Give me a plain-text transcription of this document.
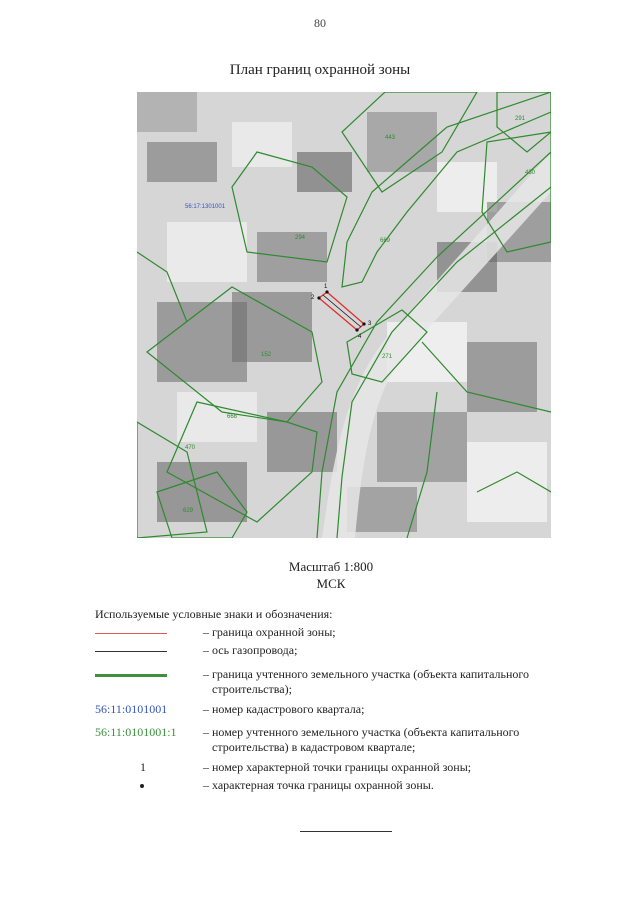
80
План границ охранной зоны
56:17:1301001
443
291
430
294	669
152	271
668
470
629
1
2
3
4
Масштаб 1:800
МСК
Используемые условные знаки и обозначения:
– граница охранной зоны;
– ось газопровода;
– граница учтенного земельного участка (объекта капитального строительства);
56:11:0101001	– номер кадастрового квартала;
56:11:0101001:1	– номер учтенного земельного участка (объекта капитального строительства) в кадастровом квартале;
1	– номер характерной точки границы охранной зоны;
– характерная точка границы охранной зоны.
